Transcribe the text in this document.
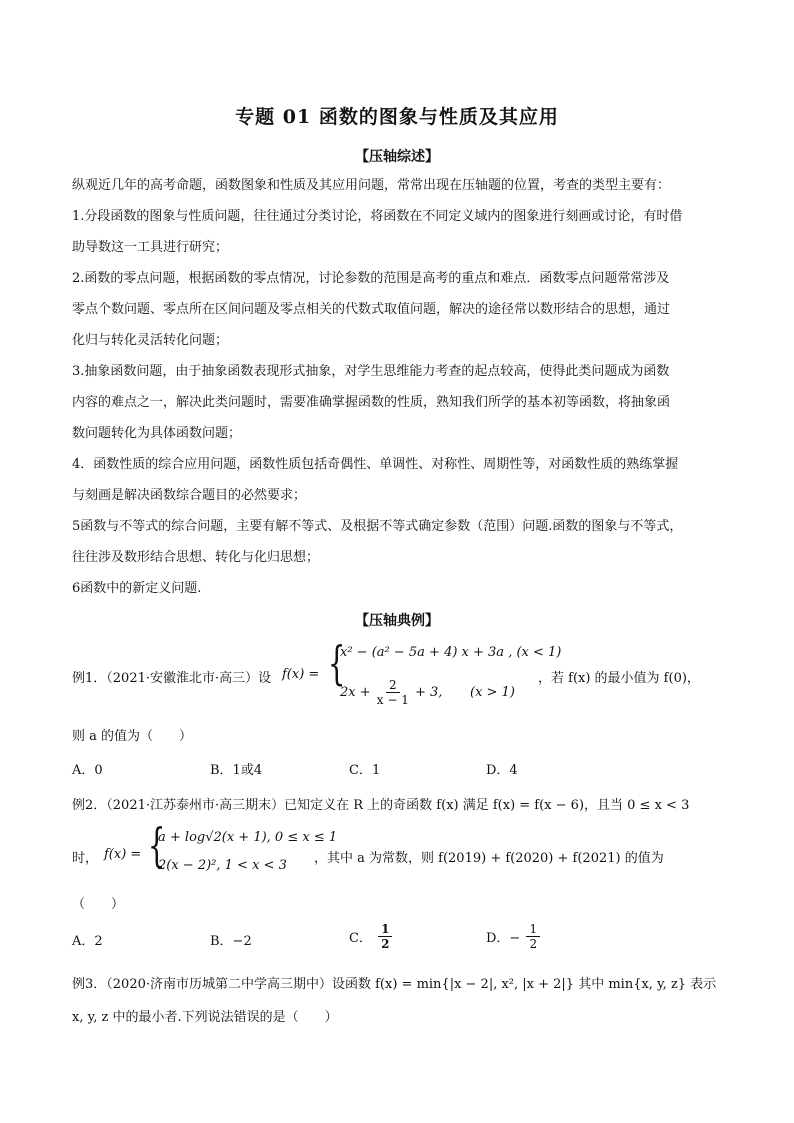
专题 01 函数的图象与性质及其应用
【压轴综述】
纵观近几年的高考命题，函数图象和性质及其应用问题，常常出现在压轴题的位置，考查的类型主要有：
1.分段函数的图象与性质问题，往往通过分类讨论，将函数在不同定义域内的图象进行刻画或讨论，有时借
助导数这一工具进行研究；
2.函数的零点问题，根据函数的零点情况，讨论参数的范围是高考的重点和难点．函数零点问题常常涉及
零点个数问题、零点所在区间问题及零点相关的代数式取值问题，解决的途径常以数形结合的思想，通过
化归与转化灵活转化问题；
3.抽象函数问题，由于抽象函数表现形式抽象，对学生思维能力考查的起点较高，使得此类问题成为函数
内容的难点之一，解决此类问题时，需要准确掌握函数的性质，熟知我们所学的基本初等函数，将抽象函
数问题转化为具体函数问题；
4．函数性质的综合应用问题，函数性质包括奇偶性、单调性、对称性、周期性等，对函数性质的熟练掌握
与刻画是解决函数综合题目的必然要求；
5函数与不等式的综合问题，主要有解不等式、及根据不等式确定参数（范围）问题.函数的图象与不等式，
往往涉及数形结合思想、转化与化归思想；
6函数中的新定义问题.
【压轴典例】
例1．（2021·安徽淮北市·高三）设 f(x) = {
x² − (a² − 5a + 4) x + 3a , (x < 1)
$2x + \frac{2}{x - 1} + 3$, (x > 1)
，若 f(x) 的最小值为 f(0)，
则 a 的值为（　　）
A．0	B．1或4	C．1	D．4
例2．（2021·江苏泰州市·高三期末）已知定义在 R 上的奇函数 f(x) 满足 f(x) = f(x − 6)，且当 0 ≤ x < 3
时， f(x) = {
a + log√2(x + 1), 0 ≤ x ≤ 1
2(x − 2)², 1 < x < 3 ，其中 a 为常数，则 f(2019) + f(2020) + f(2021) 的值为
（　　）
A．2	B．−2	C． $\frac{1}{2}$	D．− $\frac{1}{2}$
例3．（2020·济南市历城第二中学高三期中）设函数 f(x) = min{|x − 2|, x², |x + 2|} 其中 min{x, y, z} 表示
x, y, z 中的最小者.下列说法错误的是（　　）
